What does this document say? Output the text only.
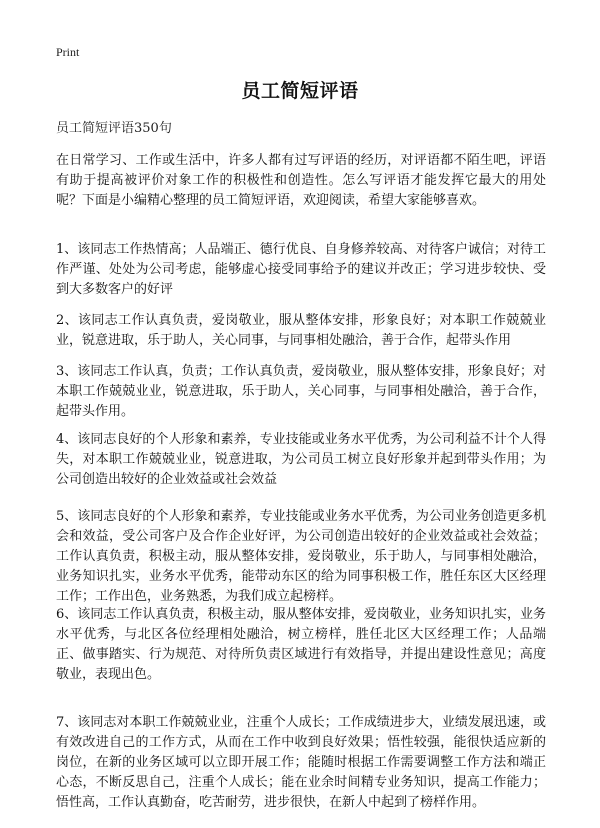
Print
员工简短评语
员工简短评语350句
在日常学习、工作或生活中，许多人都有过写评语的经历，对评语都不陌生吧，评语有助于提高被评价对象工作的积极性和创造性。怎么写评语才能发挥它最大的用处呢？下面是小编精心整理的员工简短评语，欢迎阅读，希望大家能够喜欢。
1、该同志工作热情高；人品端正、德行优良、自身修养较高、对待客户诚信；对待工作严谨、处处为公司考虑，能够虚心接受同事给予的建议并改正；学习进步较快、受到大多数客户的好评
2、该同志工作认真负责，爱岗敬业，服从整体安排，形象良好；对本职工作兢兢业业，锐意进取，乐于助人，关心同事，与同事相处融洽，善于合作，起带头作用
3、该同志工作认真，负责；工作认真负责，爱岗敬业，服从整体安排，形象良好；对本职工作兢兢业业，锐意进取，乐于助人，关心同事，与同事相处融洽，善于合作，起带头作用。
4、该同志良好的个人形象和素养，专业技能或业务水平优秀，为公司利益不计个人得失，对本职工作兢兢业业，锐意进取，为公司员工树立良好形象并起到带头作用；为公司创造出较好的企业效益或社会效益
5、该同志良好的个人形象和素养，专业技能或业务水平优秀，为公司业务创造更多机会和效益，受公司客户及合作企业好评，为公司创造出较好的企业效益或社会效益；工作认真负责，积极主动，服从整体安排，爱岗敬业，乐于助人，与同事相处融洽，业务知识扎实，业务水平优秀，能带动东区的给为同事积极工作，胜任东区大区经理工作；工作出色，业务熟悉，为我们成立起榜样。
6、该同志工作认真负责，积极主动，服从整体安排，爱岗敬业，业务知识扎实，业务水平优秀，与北区各位经理相处融洽，树立榜样，胜任北区大区经理工作；人品端正、做事踏实、行为规范、对待所负责区域进行有效指导，并提出建设性意见；高度敬业，表现出色。
7、该同志对本职工作兢兢业业，注重个人成长；工作成绩进步大，业绩发展迅速，或有效改进自己的工作方式，从而在工作中收到良好效果；悟性较强，能很快适应新的岗位，在新的业务区域可以立即开展工作；能随时根据工作需要调整工作方法和端正心态，不断反思自己，注重个人成长；能在业余时间精专业务知识，提高工作能力；悟性高，工作认真勤奋，吃苦耐劳，进步很快，在新人中起到了榜样作用。
